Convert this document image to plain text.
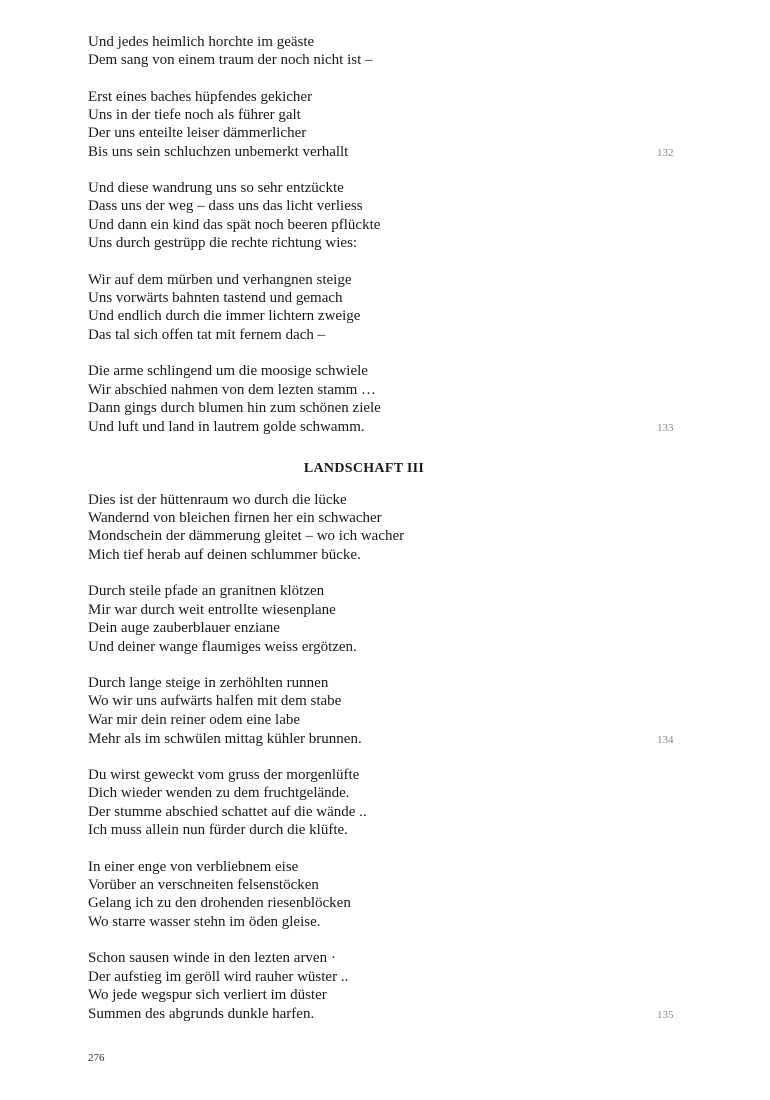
Und jedes heimlich horchte im geäste
Dem sang von einem traum der noch nicht ist –
Erst eines baches hüpfendes gekicher
Uns in der tiefe noch als führer galt
Der uns enteilte leiser dämmerlicher
Bis uns sein schluchzen unbemerkt verhallt	132
Und diese wandrung uns so sehr entzückte
Dass uns der weg – dass uns das licht verliess
Und dann ein kind das spät noch beeren pflückte
Uns durch gestrüpp die rechte richtung wies:
Wir auf dem mürben und verhangnen steige
Uns vorwärts bahnten tastend und gemach
Und endlich durch die immer lichtern zweige
Das tal sich offen tat mit fernem dach –
Die arme schlingend um die moosige schwiele
Wir abschied nahmen von dem lezten stamm …
Dann gings durch blumen hin zum schönen ziele
Und luft und land in lautrem golde schwamm.	133
LANDSCHAFT III
Dies ist der hüttenraum wo durch die lücke
Wandernd von bleichen firnen her ein schwacher
Mondschein der dämmerung gleitet – wo ich wacher
Mich tief herab auf deinen schlummer bücke.
Durch steile pfade an granitnen klötzen
Mir war durch weit entrollte wiesenplane
Dein auge zauberblauer enziane
Und deiner wange flaumiges weiss ergötzen.
Durch lange steige in zerhöhlten runnen
Wo wir uns aufwärts halfen mit dem stabe
War mir dein reiner odem eine labe
Mehr als im schwülen mittag kühler brunnen.	134
Du wirst geweckt vom gruss der morgenlüfte
Dich wieder wenden zu dem fruchtgelände.
Der stumme abschied schattet auf die wände ..
Ich muss allein nun fürder durch die klüfte.
In einer enge von verbliebnem eise
Vorüber an verschneiten felsenstöcken
Gelang ich zu den drohenden riesenblöcken
Wo starre wasser stehn im öden gleise.
Schon sausen winde in den lezten arven ·
Der aufstieg im geröll wird rauher wüster ..
Wo jede wegspur sich verliert im düster
Summen des abgrunds dunkle harfen.	135
276
